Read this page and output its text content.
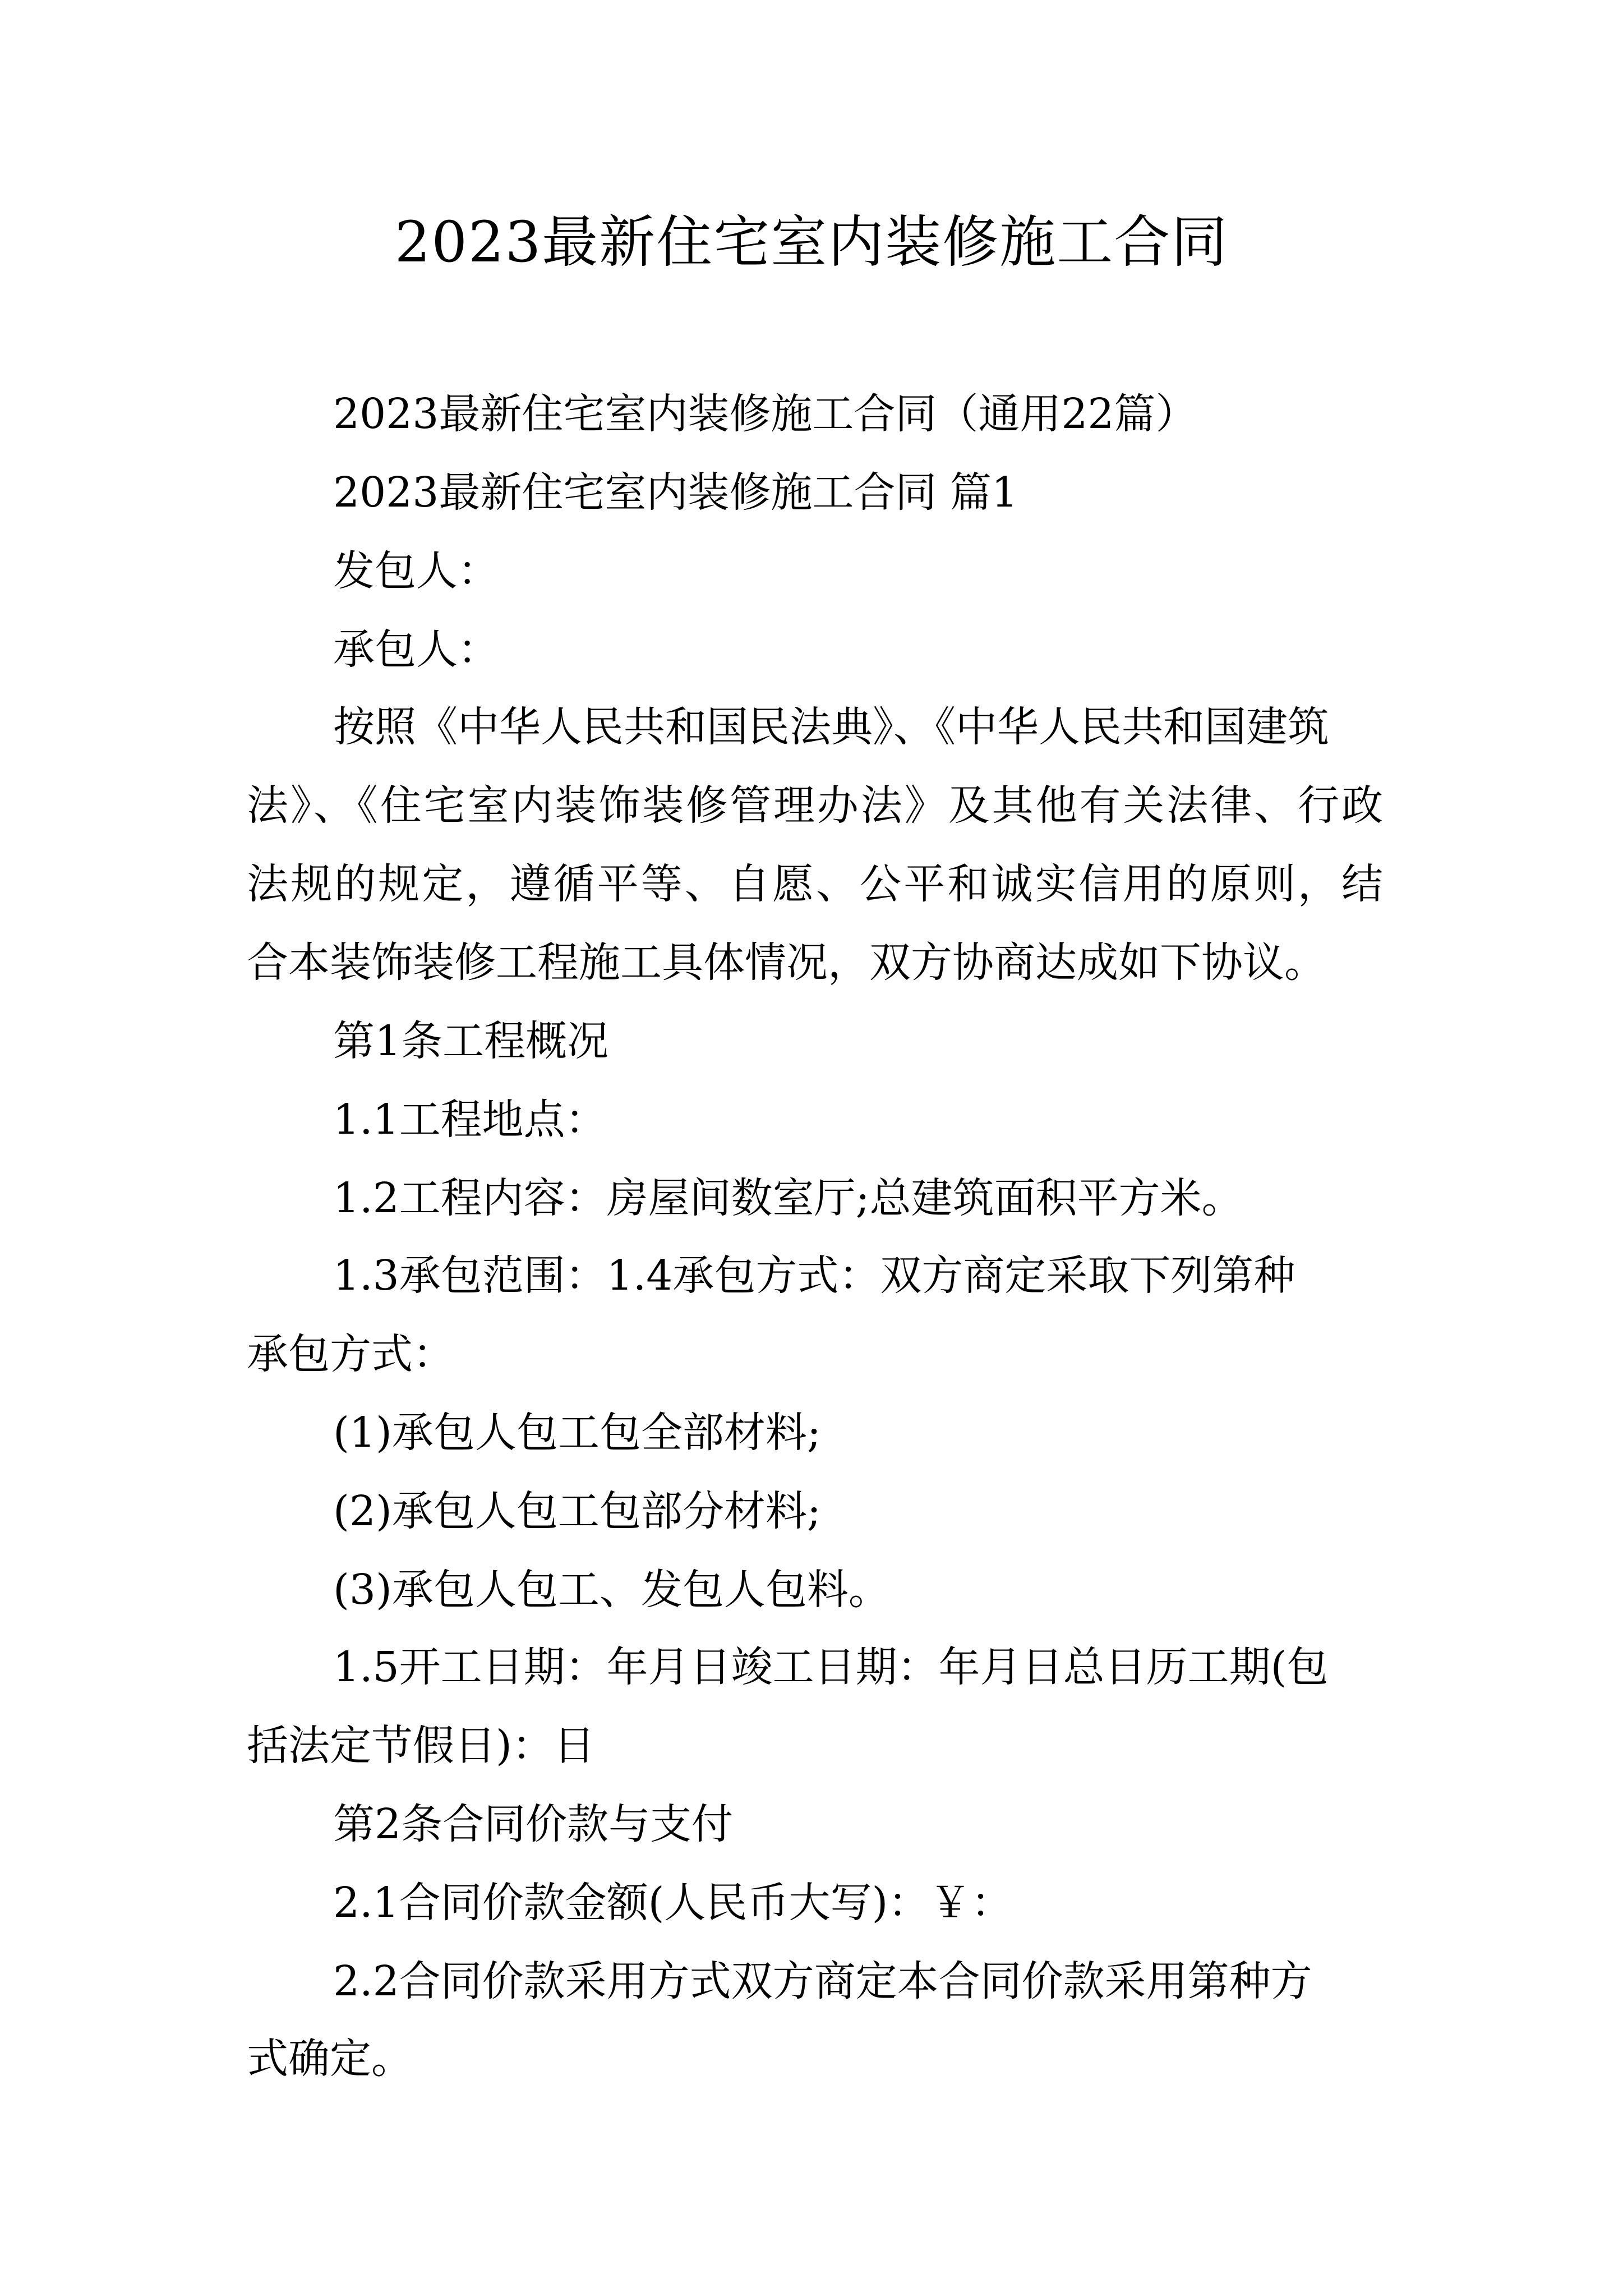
2023最新住宅室内装修施工合同
2023最新住宅室内装修施工合同（通用22篇）
2023最新住宅室内装修施工合同 篇1
发包人：
承包人：
按照《中华人民共和国民法典》、《中华人民共和国建筑
法》、《住宅室内装饰装修管理办法》及其他有关法律、行政
法规的规定，遵循平等、自愿、公平和诚实信用的原则，结
合本装饰装修工程施工具体情况，双方协商达成如下协议。
第1条工程概况
1.1工程地点：
1.2工程内容：房屋间数室厅;总建筑面积平方米。
1.3承包范围：1.4承包方式：双方商定采取下列第种
承包方式：
(1)承包人包工包全部材料;
(2)承包人包工包部分材料;
(3)承包人包工、发包人包料。
1.5开工日期：年月日竣工日期：年月日总日历工期(包
括法定节假日)：日
第2条合同价款与支付
2.1合同价款金额(人民币大写)：￥：
2.2合同价款采用方式双方商定本合同价款采用第种方
式确定。
